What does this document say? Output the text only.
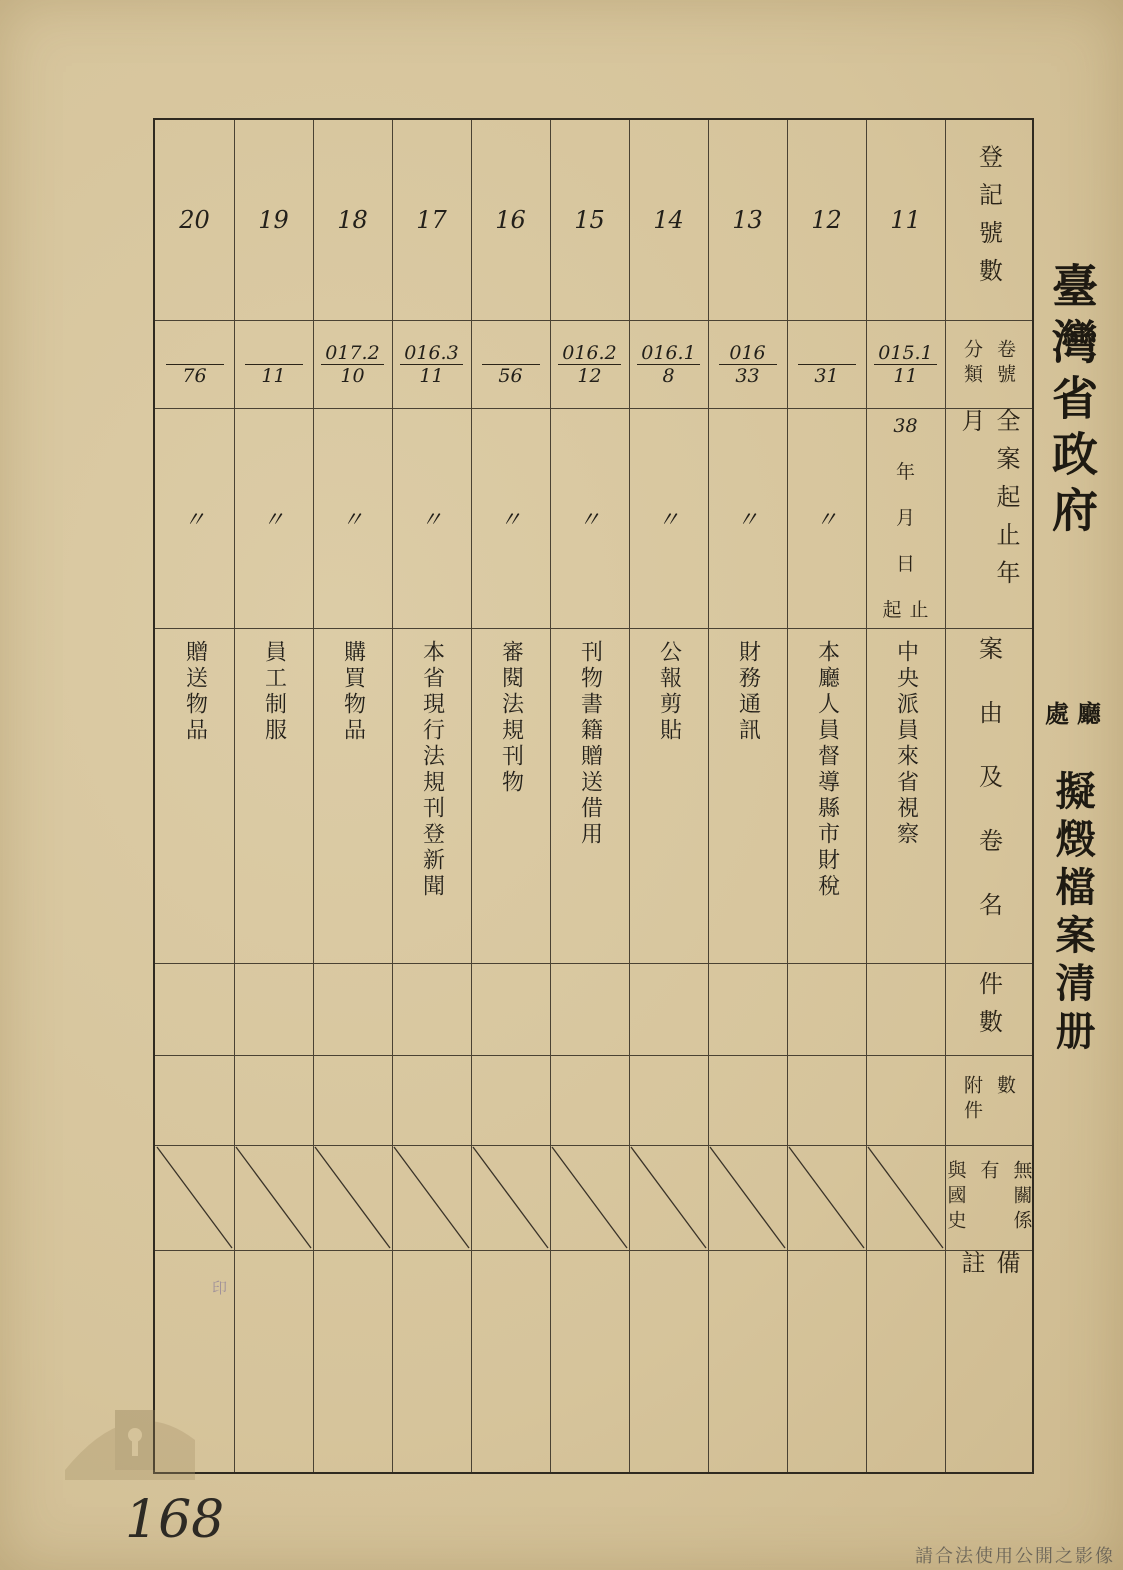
臺灣省政府
處 廳
擬燬檔案清册
登記號數
卷號
分類
全案起止年月
案由及卷名
件數
數
附件
無關係
有
與國史
備註
11
015.1
11
38
年
月
日
起 止
中央派員來省視察
12
31
〃
本廳人員督導縣市財稅
13
016
33
〃
財務通訊
14
016.1
8
〃
公報剪貼
15
016.2
12
〃
刊物書籍贈送借用
16
56
〃
審閱法規刊物
17
016.3
11
〃
本省現行法規刊登新聞
18
017.2
10
〃
購買物品
19
11
〃
員工制服
20
76
〃
贈送物品
印
168
請合法使用公開之影像
